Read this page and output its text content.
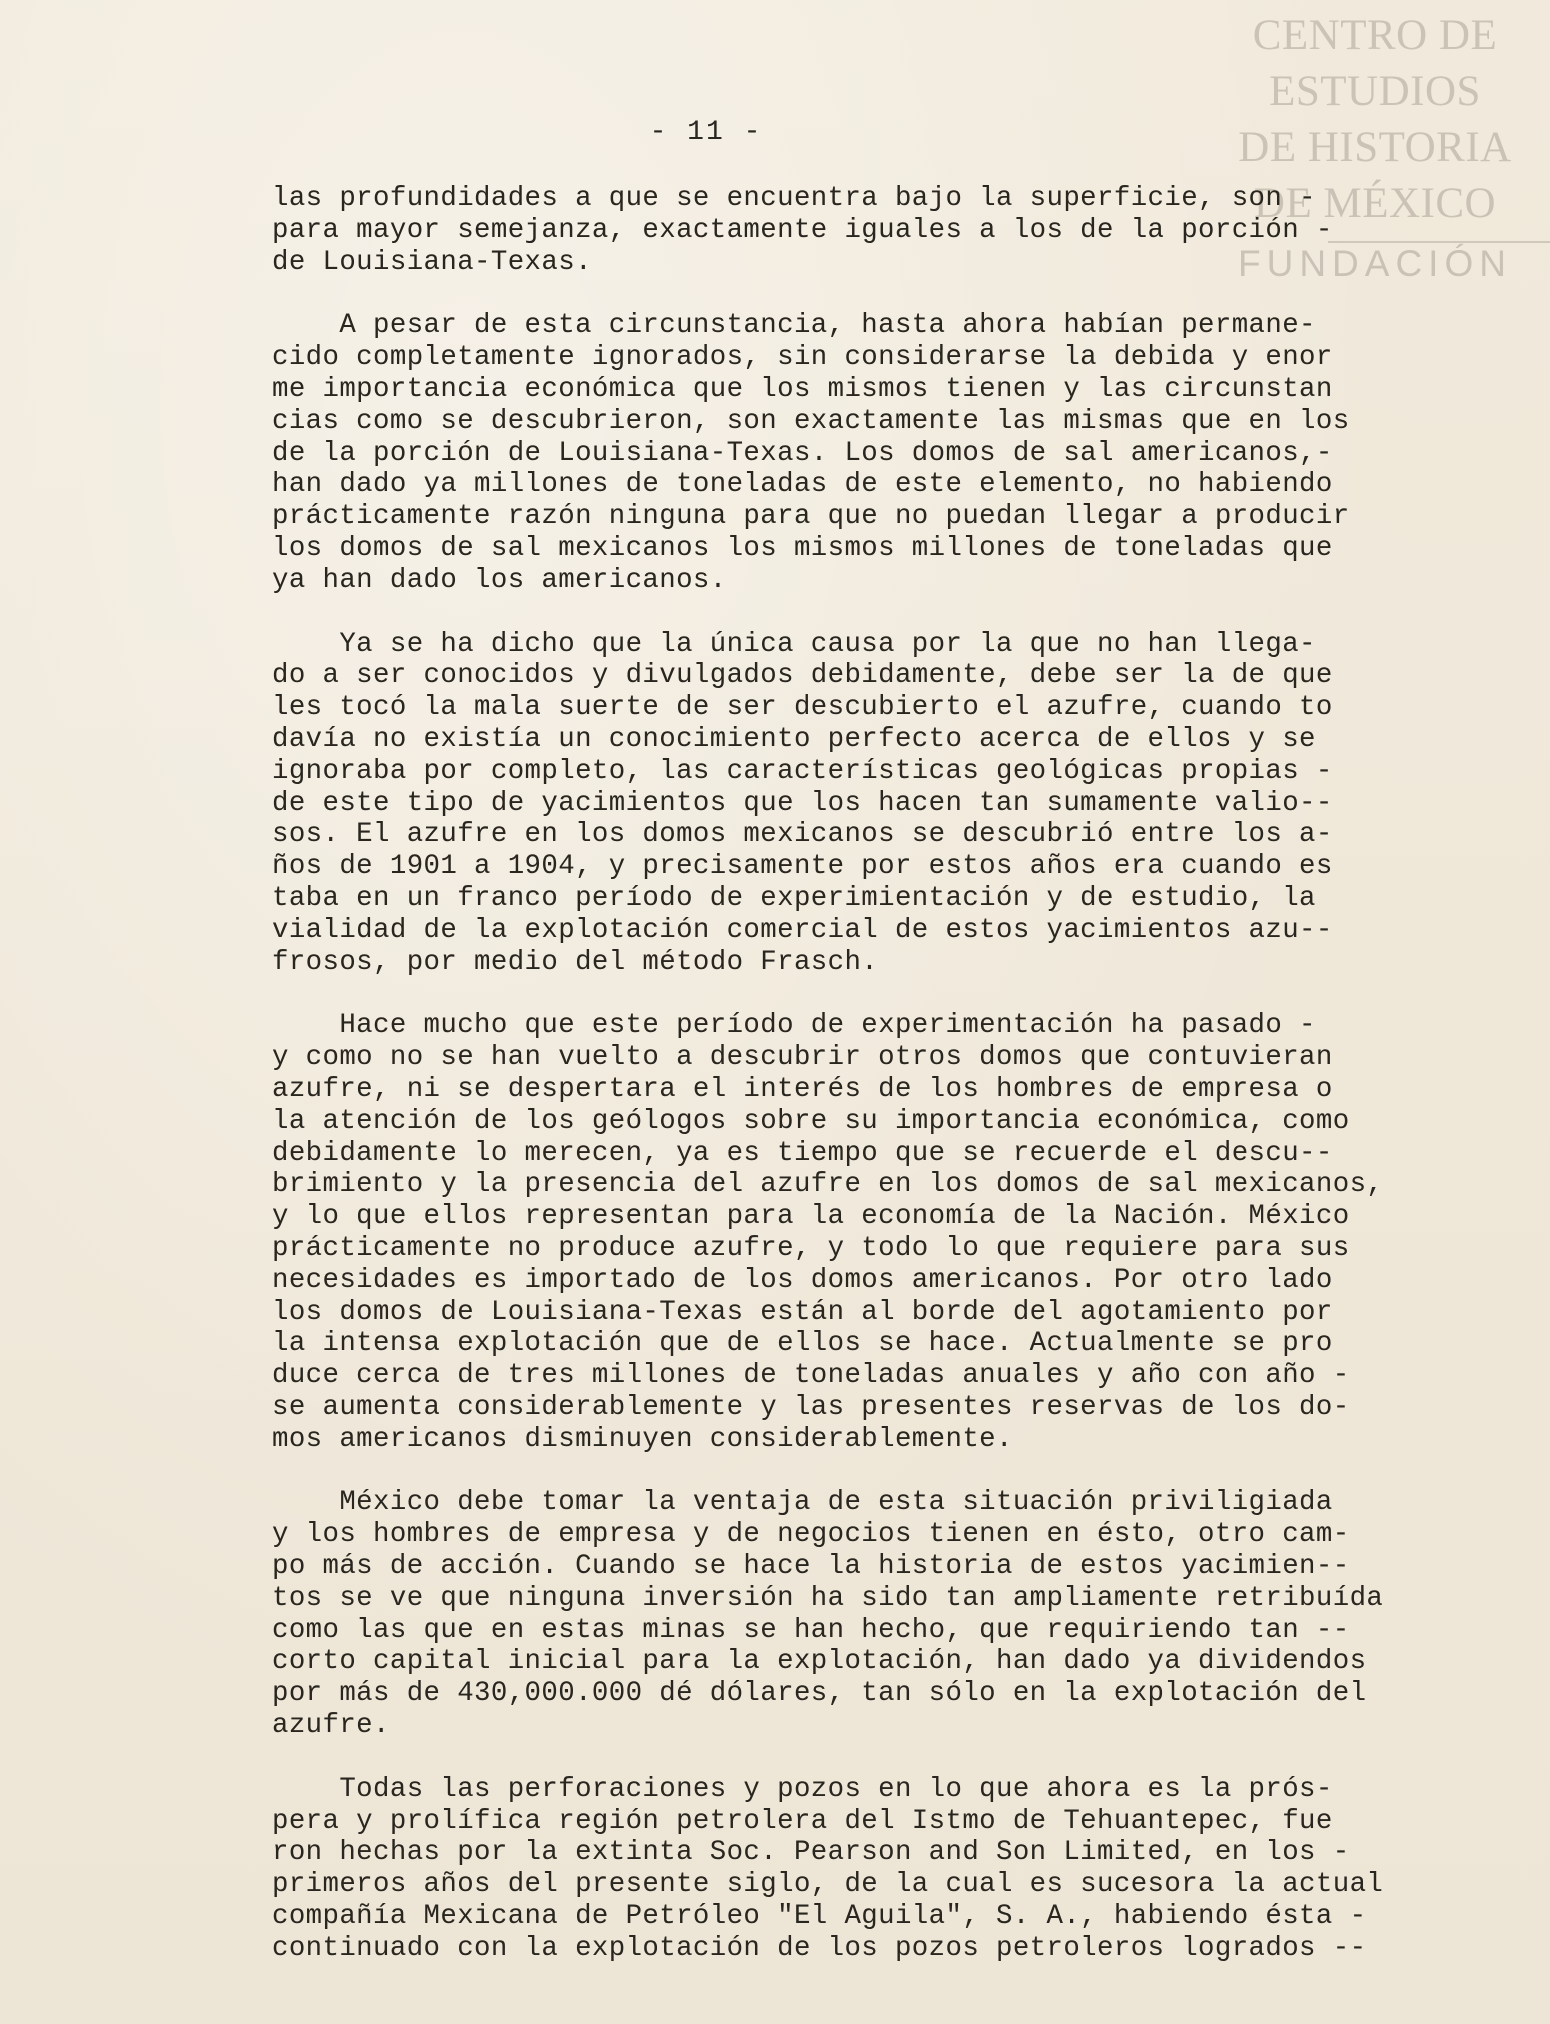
CENTRO DE
ESTUDIOS
DE HISTORIA
DE MÉXICO
FUNDACIÓN
- 11 -
las profundidades a que se encuentra bajo la superficie, son -
para mayor semejanza, exactamente iguales a los de la porción -
de Louisiana-Texas.
A pesar de esta circunstancia, hasta ahora habían permane-
cido completamente ignorados, sin considerarse la debida y enor
me importancia económica que los mismos tienen y las circunstan
cias como se descubrieron, son exactamente las mismas que en los
de la porción de Louisiana-Texas. Los domos de sal americanos,-
han dado ya millones de toneladas de este elemento, no habiendo
prácticamente razón ninguna para que no puedan llegar a producir
los domos de sal mexicanos los mismos millones de toneladas que
ya han dado los americanos.
Ya se ha dicho que la única causa por la que no han llega-
do a ser conocidos y divulgados debidamente, debe ser la de que
les tocó la mala suerte de ser descubierto el azufre, cuando to
davía no existía un conocimiento perfecto acerca de ellos y se
ignoraba por completo, las características geológicas propias -
de este tipo de yacimientos que los hacen tan sumamente valio--
sos. El azufre en los domos mexicanos se descubrió entre los a-
ños de 1901 a 1904, y precisamente por estos años era cuando es
taba en un franco período de experimientación y de estudio, la
vialidad de la explotación comercial de estos yacimientos azu--
frosos, por medio del método Frasch.
Hace mucho que este período de experimentación ha pasado -
y como no se han vuelto a descubrir otros domos que contuvieran
azufre, ni se despertara el interés de los hombres de empresa o
la atención de los geólogos sobre su importancia económica, como
debidamente lo merecen, ya es tiempo que se recuerde el descu--
brimiento y la presencia del azufre en los domos de sal mexicanos,
y lo que ellos representan para la economía de la Nación. México
prácticamente no produce azufre, y todo lo que requiere para sus
necesidades es importado de los domos americanos. Por otro lado
los domos de Louisiana-Texas están al borde del agotamiento por
la intensa explotación que de ellos se hace. Actualmente se pro
duce cerca de tres millones de toneladas anuales y año con año -
se aumenta considerablemente y las presentes reservas de los do-
mos americanos disminuyen considerablemente.
México debe tomar la ventaja de esta situación priviligiada
y los hombres de empresa y de negocios tienen en ésto, otro cam-
po más de acción. Cuando se hace la historia de estos yacimien--
tos se ve que ninguna inversión ha sido tan ampliamente retribuída
como las que en estas minas se han hecho, que requiriendo tan --
corto capital inicial para la explotación, han dado ya dividendos
por más de 430,000.000 dé dólares, tan sólo en la explotación del
azufre.
Todas las perforaciones y pozos en lo que ahora es la prós-
pera y prolífica región petrolera del Istmo de Tehuantepec, fue
ron hechas por la extinta Soc. Pearson and Son Limited, en los -
primeros años del presente siglo, de la cual es sucesora la actual
compañía Mexicana de Petróleo "El Aguila", S. A., habiendo ésta -
continuado con la explotación de los pozos petroleros logrados --
